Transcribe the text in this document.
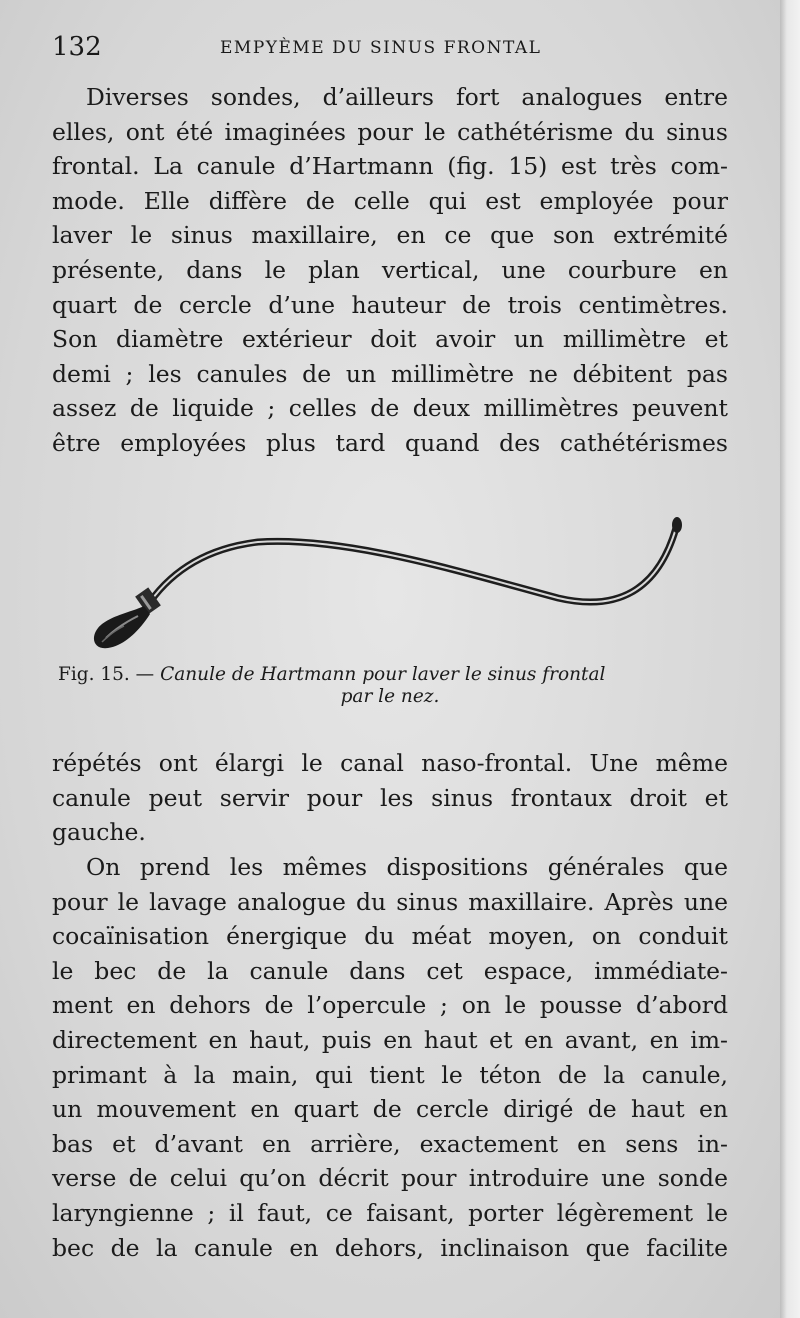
132	EMPYÈME DU SINUS FRONTAL
Diverses sondes, d’ailleurs fort analogues entre
elles, ont été imaginées pour le cathétérisme du sinus
frontal. La canule d’Hartmann (fig. 15) est très com-
mode. Elle diffère de celle qui est employée pour
laver le sinus maxillaire, en ce que son extrémité
présente, dans le plan vertical, une courbure en
quart de cercle d’une hauteur de trois centimètres.
Son diamètre extérieur doit avoir un millimètre et
demi ; les canules de un millimètre ne débitent pas
assez de liquide ; celles de deux millimètres peuvent
être employées plus tard quand des cathétérismes
Fig. 15. — Canule de Hartmann pour laver le sinus frontal
par le nez.
répétés ont élargi le canal naso-frontal. Une même
canule peut servir pour les sinus frontaux droit et
gauche.
On prend les mêmes dispositions générales que
pour le lavage analogue du sinus maxillaire. Après une
cocaïnisation énergique du méat moyen, on conduit
le bec de la canule dans cet espace, immédiate-
ment en dehors de l’opercule ; on le pousse d’abord
directement en haut, puis en haut et en avant, en im-
primant à la main, qui tient le téton de la canule,
un mouvement en quart de cercle dirigé de haut en
bas et d’avant en arrière, exactement en sens in-
verse de celui qu’on décrit pour introduire une sonde
laryngienne ; il faut, ce faisant, porter légèrement le
bec de la canule en dehors, inclinaison que facilite
